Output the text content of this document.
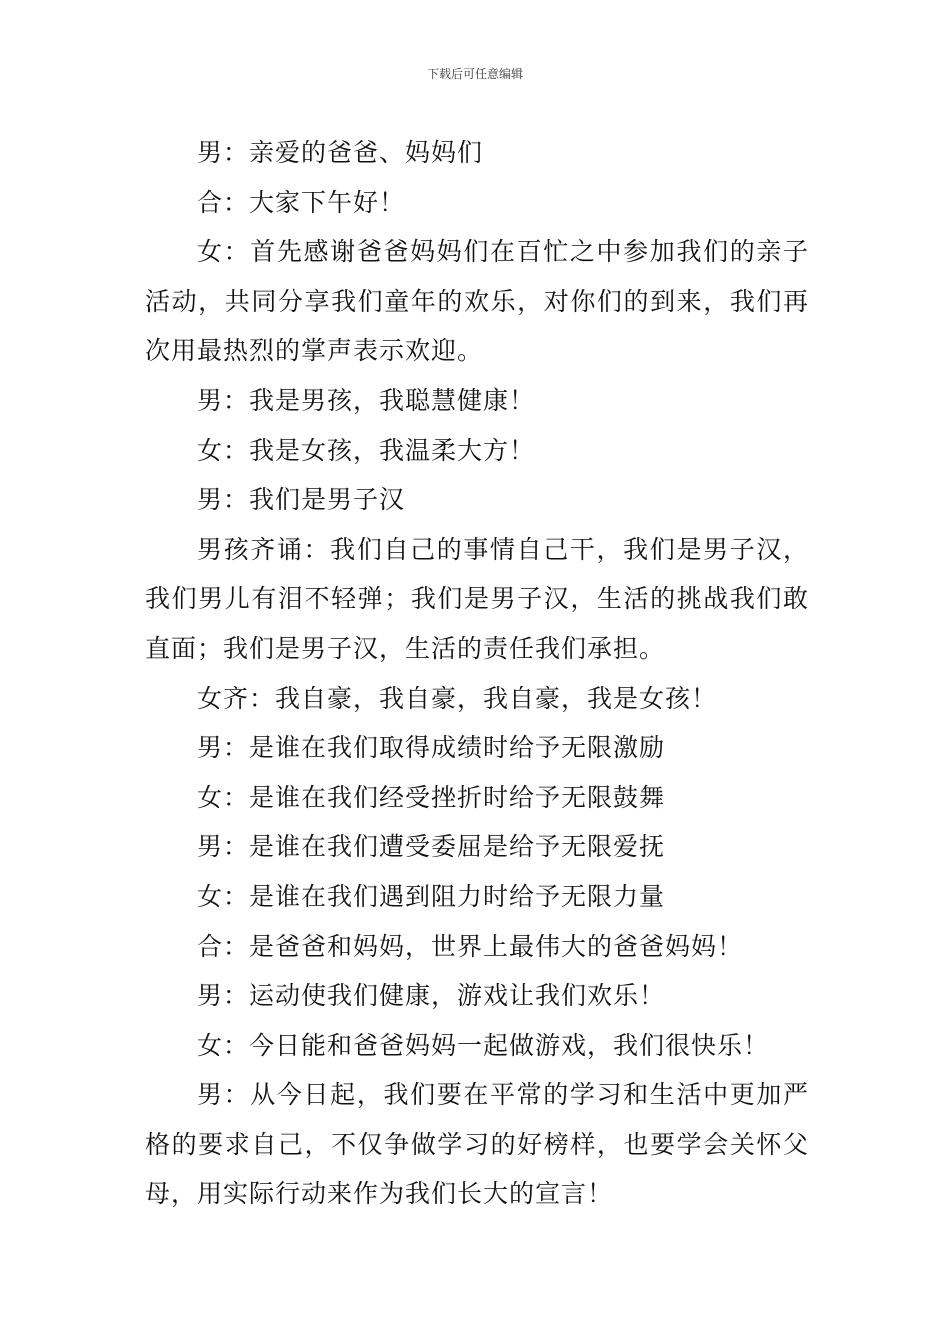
下载后可任意编辑

男：亲爱的爸爸、妈妈们

合：大家下午好！

女：首先感谢爸爸妈妈们在百忙之中参加我们的亲子活动，共同分享我们童年的欢乐，对你们的到来，我们再次用最热烈的掌声表示欢迎。

男：我是男孩，我聪慧健康！

女：我是女孩，我温柔大方！

男：我们是男子汉

男孩齐诵：我们自己的事情自己干，我们是男子汉，我们男儿有泪不轻弹；我们是男子汉，生活的挑战我们敢直面；我们是男子汉，生活的责任我们承担。

女齐：我自豪，我自豪，我自豪，我是女孩！

男：是谁在我们取得成绩时给予无限激励

女：是谁在我们经受挫折时给予无限鼓舞

男：是谁在我们遭受委屈是给予无限爱抚

女：是谁在我们遇到阻力时给予无限力量

合：是爸爸和妈妈，世界上最伟大的爸爸妈妈！

男：运动使我们健康，游戏让我们欢乐！

女：今日能和爸爸妈妈一起做游戏，我们很快乐！

男：从今日起，我们要在平常的学习和生活中更加严格的要求自己，不仅争做学习的好榜样，也要学会关怀父母，用实际行动来作为我们长大的宣言！
